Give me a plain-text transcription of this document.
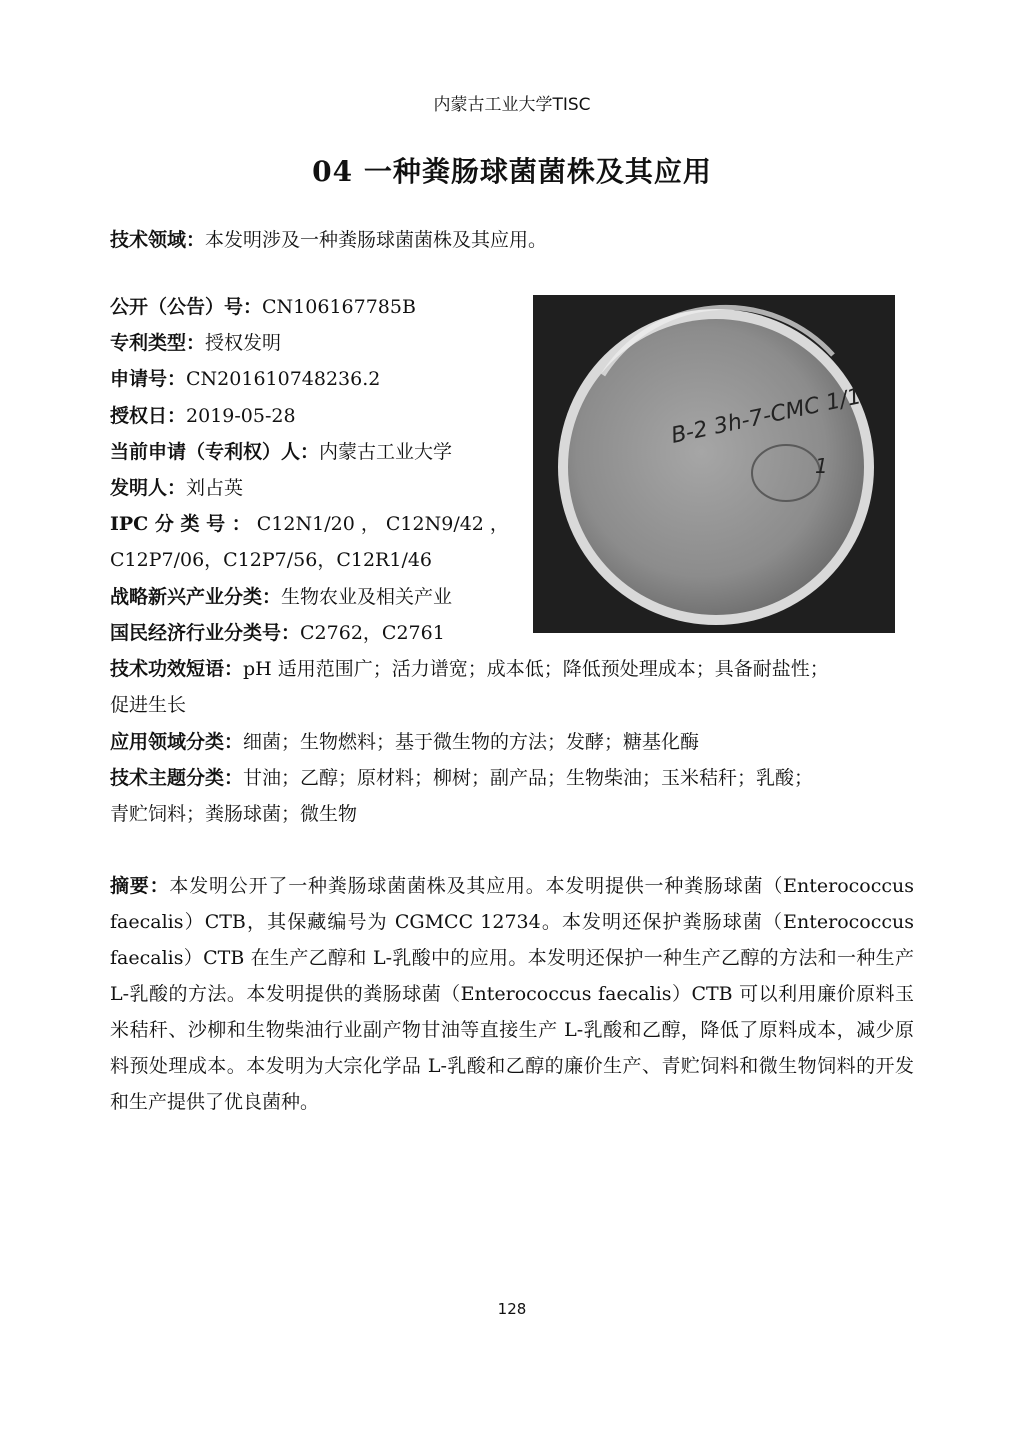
内蒙古工业大学TISC
04 一种粪肠球菌菌株及其应用
技术领域：本发明涉及一种粪肠球菌菌株及其应用。
公开（公告）号：CN106167785B
专利类型：授权发明
申请号：CN201610748236.2
授权日：2019-05-28
当前申请（专利权）人：内蒙古工业大学
发明人：刘占英
IPC 分 类 号 ： C12N1/20 ， C12N9/42 ，
C12P7/06，C12P7/56，C12R1/46
战略新兴产业分类：生物农业及相关产业
国民经济行业分类号：C2762，C2761
技术功效短语：pH 适用范围广；活力谱宽；成本低；降低预处理成本；具备耐盐性；
促进生长
应用领域分类：细菌；生物燃料；基于微生物的方法；发酵；糖基化酶
技术主题分类：甘油；乙醇；原材料；柳树；副产品；生物柴油；玉米秸秆；乳酸；
青贮饲料；粪肠球菌；微生物
B-2 3h-7-CMC 1/1
1
摘要：本发明公开了一种粪肠球菌菌株及其应用。本发明提供一种粪肠球菌（Enterococcus faecalis）CTB，其保藏编号为 CGMCC 12734。本发明还保护粪肠球菌（Enterococcus faecalis）CTB 在生产乙醇和 L-乳酸中的应用。本发明还保护一种生产乙醇的方法和一种生产 L-乳酸的方法。本发明提供的粪肠球菌（Enterococcus faecalis）CTB 可以利用廉价原料玉米秸秆、沙柳和生物柴油行业副产物甘油等直接生产 L-乳酸和乙醇，降低了原料成本，减少原料预处理成本。本发明为大宗化学品 L-乳酸和乙醇的廉价生产、青贮饲料和微生物饲料的开发和生产提供了优良菌种。
128
